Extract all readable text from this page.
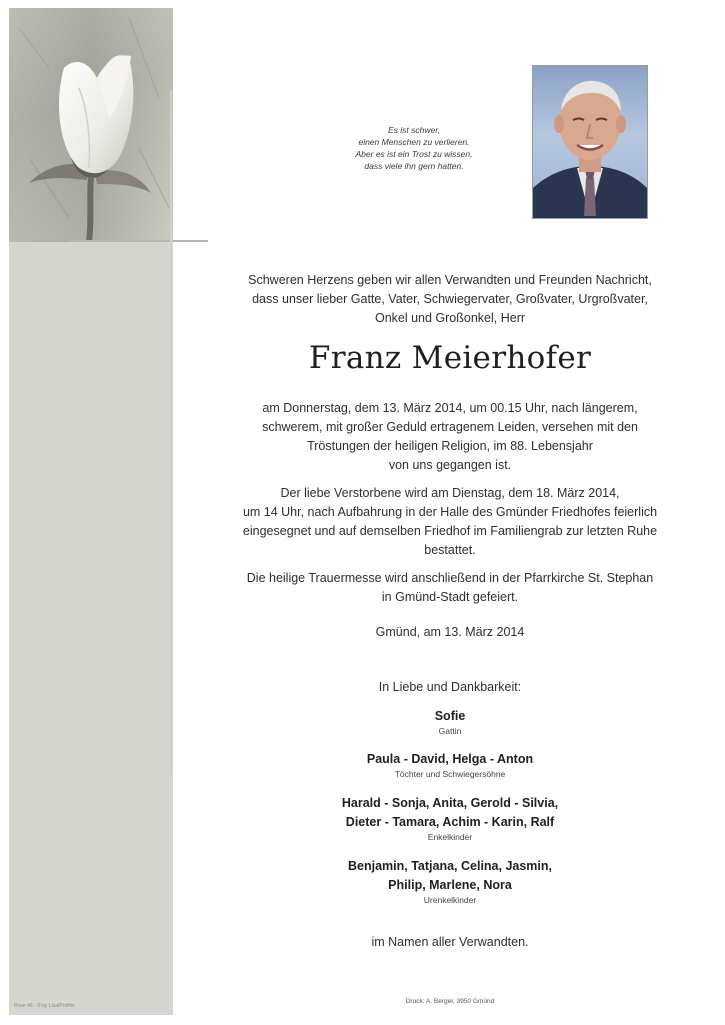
Rose 46 · © by Lisa/Profilio
Es ist schwer,
einen Menschen zu verlieren.
Aber es ist ein Trost zu wissen,
dass viele ihn gern hatten.
Schweren Herzens geben wir allen Verwandten und Freunden Nachricht,
dass unser lieber Gatte, Vater, Schwiegervater, Großvater, Urgroßvater,
Onkel und Großonkel, Herr
Franz Meierhofer
am Donnerstag, dem 13. März 2014, um 00.15 Uhr, nach längerem,
schwerem, mit großer Geduld ertragenem Leiden, versehen mit den
Tröstungen der heiligen Religion, im 88. Lebensjahr
von uns gegangen ist.
Der liebe Verstorbene wird am Dienstag, dem 18. März 2014,
um 14 Uhr, nach Aufbahrung in der Halle des Gmünder Friedhofes feierlich
eingesegnet und auf demselben Friedhof im Familiengrab zur letzten Ruhe
bestattet.
Die heilige Trauermesse wird anschließend in der Pfarrkirche St. Stephan
in Gmünd-Stadt gefeiert.
Gmünd, am 13. März 2014
In Liebe und Dankbarkeit:
Sofie
Gattin
Paula - David, Helga - Anton
Töchter und Schwiegersöhne
Harald - Sonja, Anita, Gerold - Silvia,
Dieter - Tamara, Achim - Karin, Ralf
Enkelkinder
Benjamin, Tatjana, Celina, Jasmin,
Philip, Marlene, Nora
Urenkelkinder
im Namen aller Verwandten.
Druck: A. Berger, 3950 Gmünd
